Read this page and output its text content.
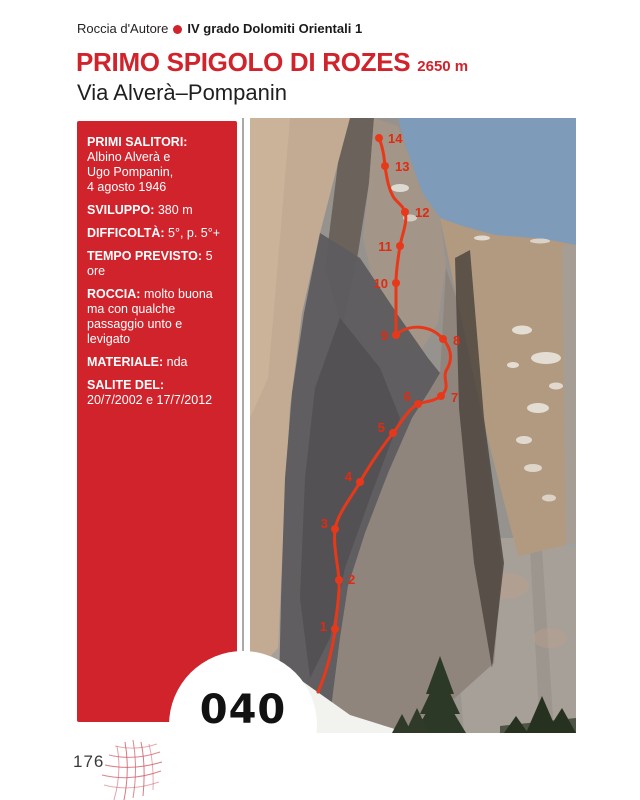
Roccia d'Autore IV grado Dolomiti Orientali 1
PRIMO SPIGOLO DI ROZES 2650 m
Via Alverà–Pompanin

PRIMI SALITORI:
Albino Alverà e
Ugo Pompanin,
4 agosto 1946

SVILUPPO: 380 m

DIFFICOLTÀ: 5°, p. 5°+

TEMPO PREVISTO: 5 ore

ROCCIA: molto buona ma con qualche passaggio unto e levigato

MATERIALE: nda

SALITE DEL:
20/7/2002 e 17/7/2012

14
13
12
11
10
9	8
7
6
5
4
3
2
1
040
176
